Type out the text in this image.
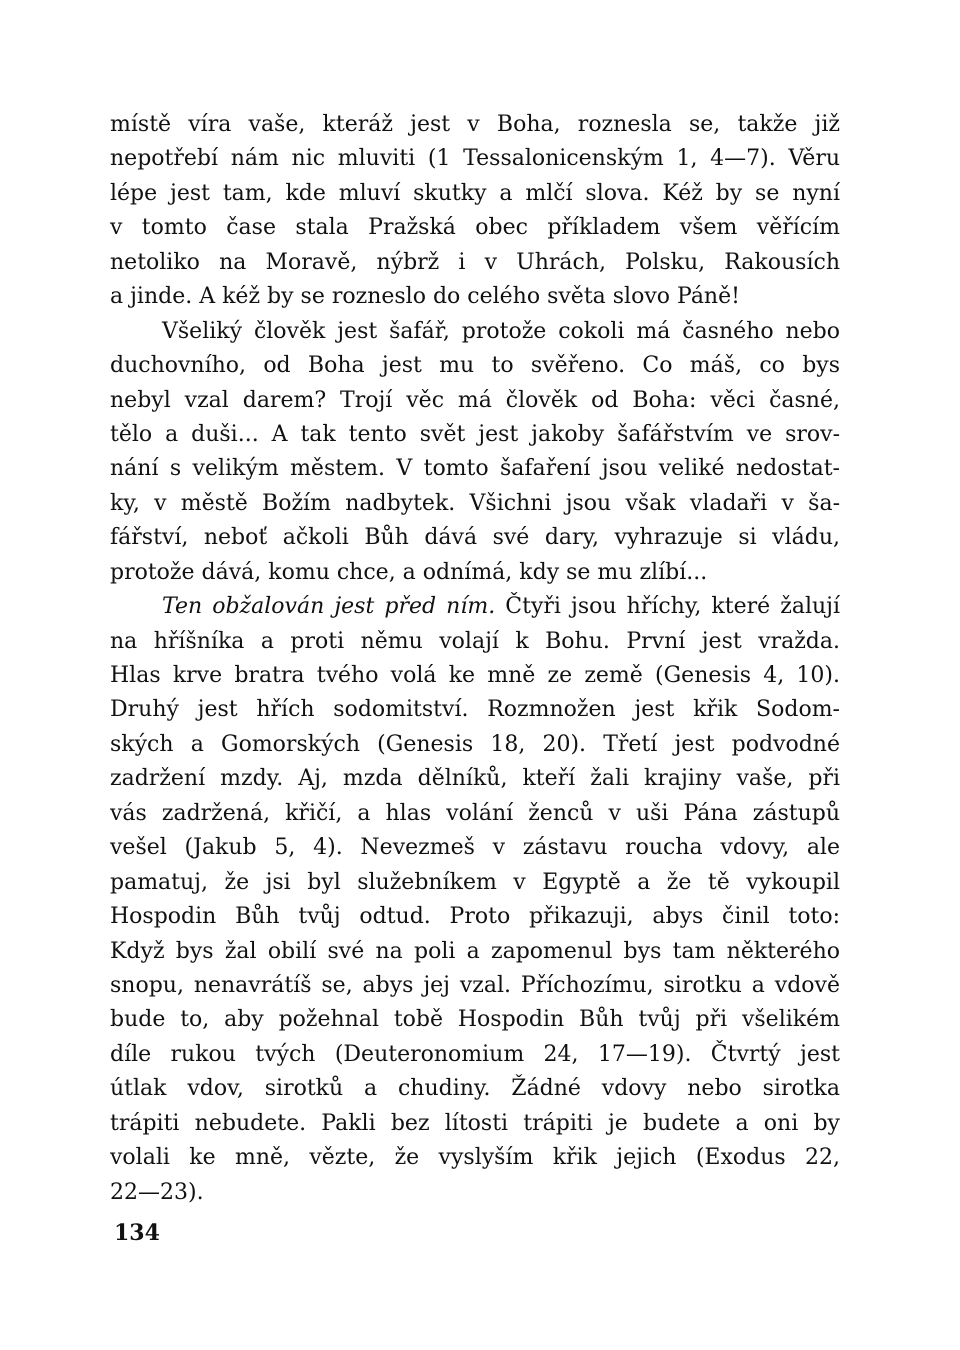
místě víra vaše, kteráž jest v Boha, roznesla se, takže již
nepotřebí nám nic mluviti (1 Tessalonicenským 1, 4—7). Věru
lépe jest tam, kde mluví skutky a mlčí slova. Kéž by se nyní
v tomto čase stala Pražská obec příkladem všem věřícím
netoliko na Moravě, nýbrž i v Uhrách, Polsku, Rakousích
a jinde. A kéž by se rozneslo do celého světa slovo Páně!
Všeliký člověk jest šafář, protože cokoli má časného nebo
duchovního, od Boha jest mu to svěřeno. Co máš, co bys
nebyl vzal darem? Trojí věc má člověk od Boha: věci časné,
tělo a duši... A tak tento svět jest jakoby šafářstvím ve srov-
nání s velikým městem. V tomto šafaření jsou veliké nedostat-
ky, v městě Božím nadbytek. Všichni jsou však vladaři v ša-
fářství, neboť ačkoli Bůh dává své dary, vyhrazuje si vládu,
protože dává, komu chce, a odnímá, kdy se mu zlíbí...
Ten obžalován jest před ním. Čtyři jsou hříchy, které žalují
na hříšníka a proti němu volají k Bohu. První jest vražda.
Hlas krve bratra tvého volá ke mně ze země (Genesis 4, 10).
Druhý jest hřích sodomitství. Rozmnožen jest křik Sodom-
ských a Gomorských (Genesis 18, 20). Třetí jest podvodné
zadržení mzdy. Aj, mzda dělníků, kteří žali krajiny vaše, při
vás zadržená, křičí, a hlas volání ženců v uši Pána zástupů
vešel (Jakub 5, 4). Nevezmeš v zástavu roucha vdovy, ale
pamatuj, že jsi byl služebníkem v Egyptě a že tě vykoupil
Hospodin Bůh tvůj odtud. Proto přikazuji, abys činil toto:
Když bys žal obilí své na poli a zapomenul bys tam některého
snopu, nenavrátíš se, abys jej vzal. Příchozímu, sirotku a vdově
bude to, aby požehnal tobě Hospodin Bůh tvůj při všelikém
díle rukou tvých (Deuteronomium 24, 17—19). Čtvrtý jest
útlak vdov, sirotků a chudiny. Žádné vdovy nebo sirotka
trápiti nebudete. Pakli bez lítosti trápiti je budete a oni by
volali ke mně, vězte, že vyslyším křik jejich (Exodus 22,
22—23).
134
